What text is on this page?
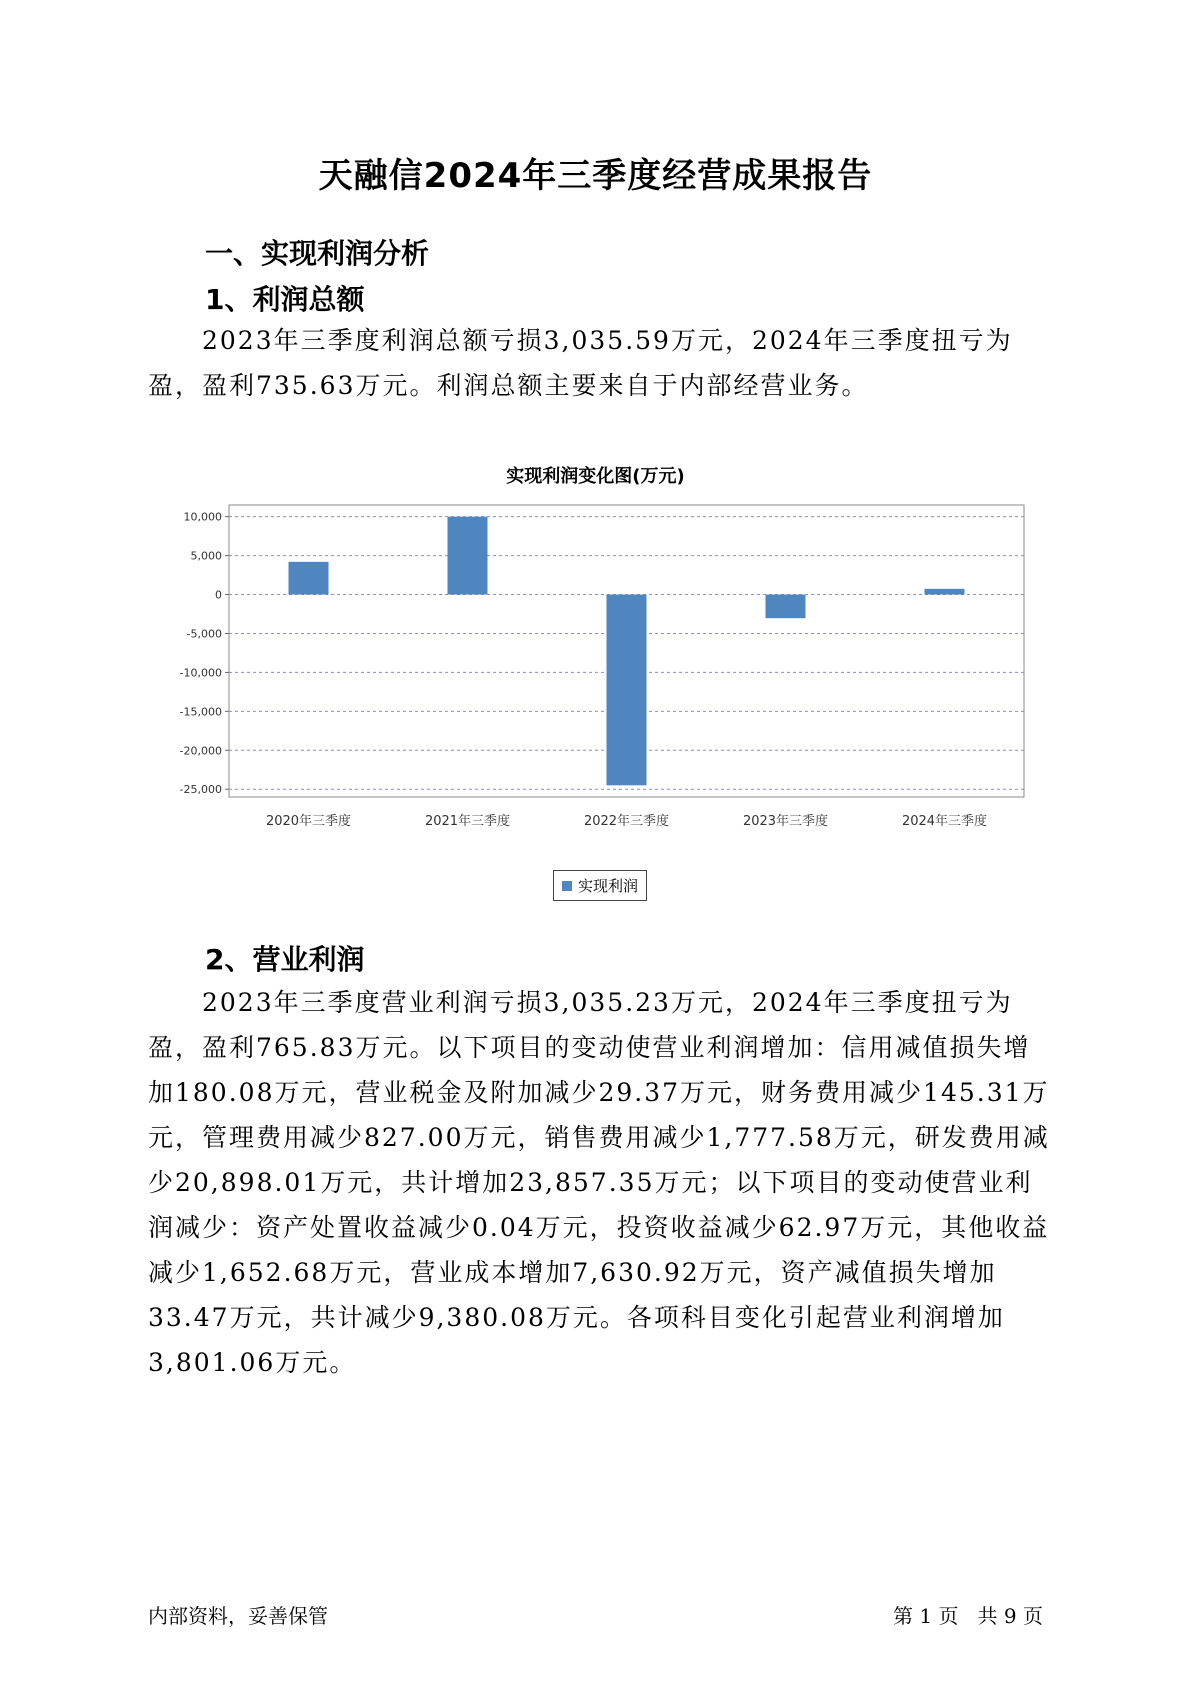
天融信2024年三季度经营成果报告
一、实现利润分析
1、利润总额

2023年三季度利润总额亏损3,035.59万元，2024年三季度扭亏为盈，盈利735.63万元。利润总额主要来自于内部经营业务。

实现利润变化图(万元)
10,000
5,000
0
-5,000
-10,000
-15,000
-20,000
-25,000
2020年三季度	2021年三季度	2022年三季度	2023年三季度	2024年三季度
实现利润
2、营业利润

2023年三季度营业利润亏损3,035.23万元，2024年三季度扭亏为盈，盈利765.83万元。以下项目的变动使营业利润增加：信用减值损失增加180.08万元，营业税金及附加减少29.37万元，财务费用减少145.31万元，管理费用减少827.00万元，销售费用减少1,777.58万元，研发费用减少20,898.01万元，共计增加23,857.35万元；以下项目的变动使营业利润减少：资产处置收益减少0.04万元，投资收益减少62.97万元，其他收益减少1,652.68万元，营业成本增加7,630.92万元，资产减值损失增加33.47万元，共计减少9,380.08万元。各项科目变化引起营业利润增加3,801.06万元。

内部资料，妥善保管	第 1 页   共 9 页
